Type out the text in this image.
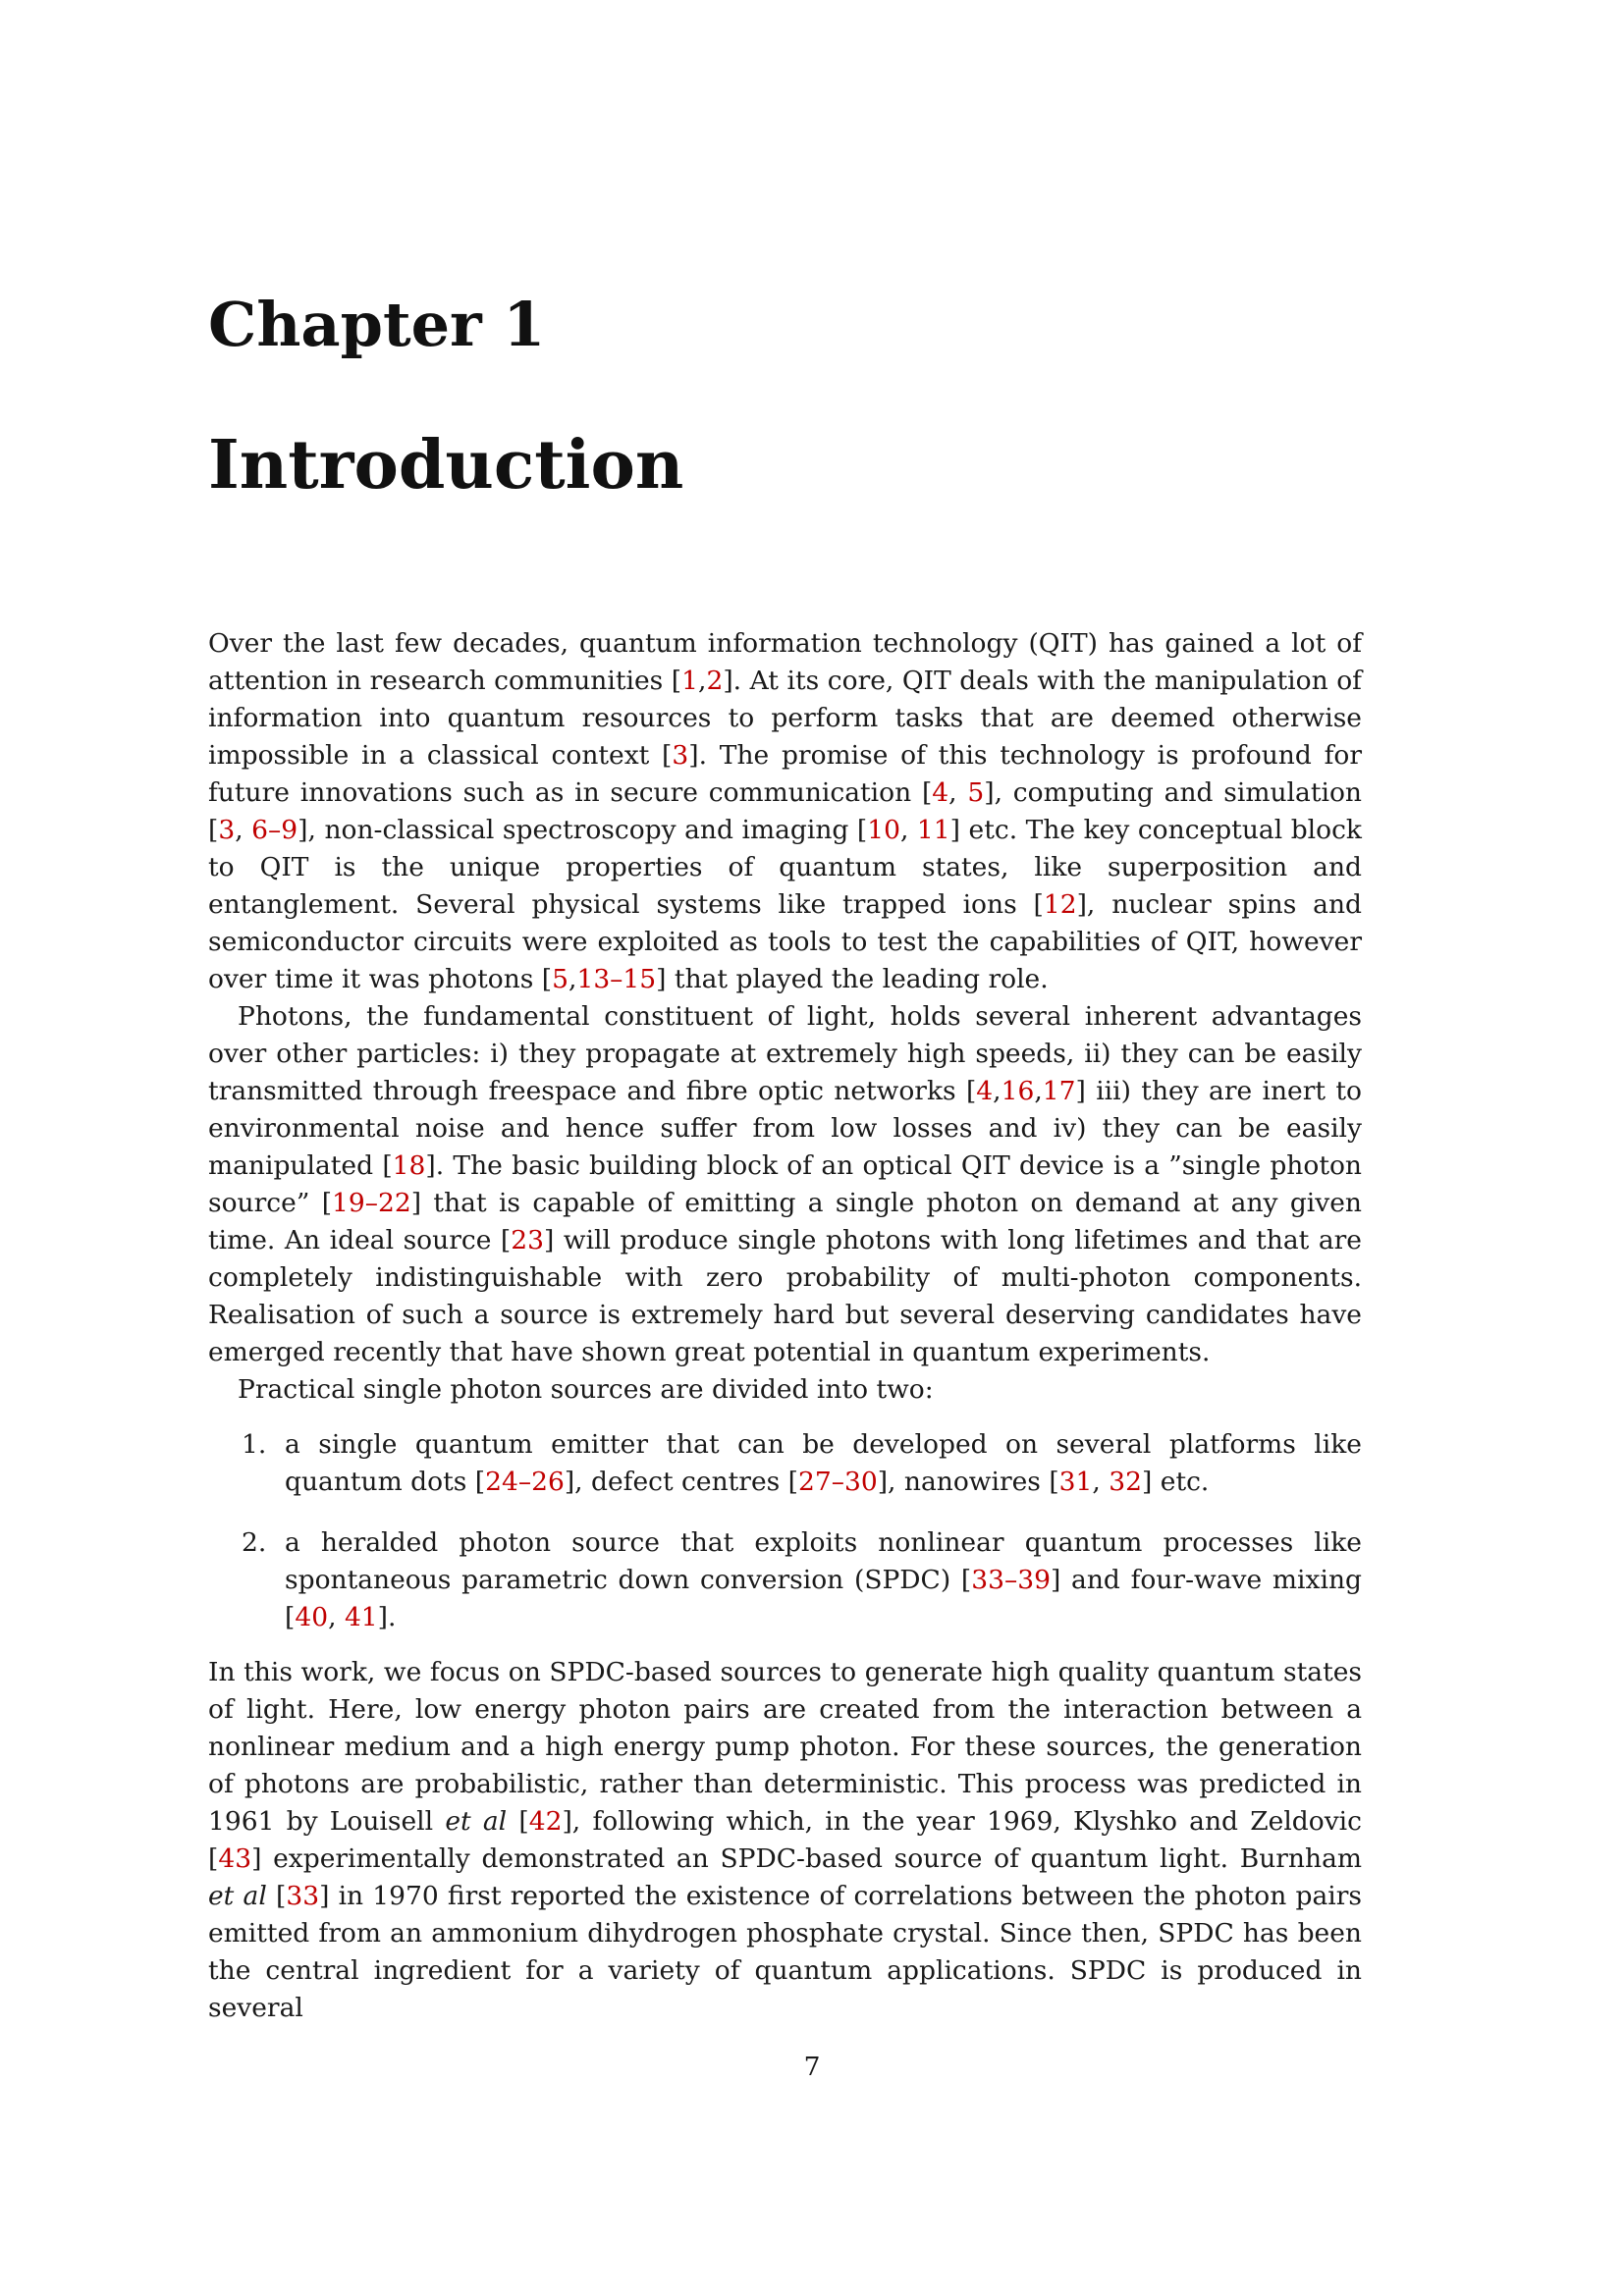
Chapter 1
Introduction

Over the last few decades, quantum information technology (QIT) has gained a lot of attention in research communities [1,2]. At its core, QIT deals with the manipulation of information into quantum resources to perform tasks that are deemed otherwise impossible in a classical context [3]. The promise of this technology is profound for future innovations such as in secure communication [4, 5], computing and simulation [3, 6–9], non-classical spectroscopy and imaging [10, 11] etc. The key conceptual block to QIT is the unique properties of quantum states, like superposition and entanglement. Several physical systems like trapped ions [12], nuclear spins and semiconductor circuits were exploited as tools to test the capabilities of QIT, however over time it was photons [5,13–15] that played the leading role.

Photons, the fundamental constituent of light, holds several inherent advantages over other particles: i) they propagate at extremely high speeds, ii) they can be easily transmitted through freespace and fibre optic networks [4,16,17] iii) they are inert to environmental noise and hence suffer from low losses and iv) they can be easily manipulated [18]. The basic building block of an optical QIT device is a ”single photon source” [19–22] that is capable of emitting a single photon on demand at any given time. An ideal source [23] will produce single photons with long lifetimes and that are completely indistinguishable with zero probability of multi-photon components. Realisation of such a source is extremely hard but several deserving candidates have emerged recently that have shown great potential in quantum experiments.

Practical single photon sources are divided into two:

1. a single quantum emitter that can be developed on several platforms like quantum dots [24–26], defect centres [27–30], nanowires [31, 32] etc.
2. a heralded photon source that exploits nonlinear quantum processes like spontaneous parametric down conversion (SPDC) [33–39] and four-wave mixing [40, 41].

In this work, we focus on SPDC-based sources to generate high quality quantum states of light. Here, low energy photon pairs are created from the interaction between a nonlinear medium and a high energy pump photon. For these sources, the generation of photons are probabilistic, rather than deterministic. This process was predicted in 1961 by Louisell et al [42], following which, in the year 1969, Klyshko and Zeldovic [43] experimentally demonstrated an SPDC-based source of quantum light. Burnham et al [33] in 1970 first reported the existence of correlations between the photon pairs emitted from an ammonium dihydrogen phosphate crystal. Since then, SPDC has been the central ingredient for a variety of quantum applications. SPDC is produced in several

7
